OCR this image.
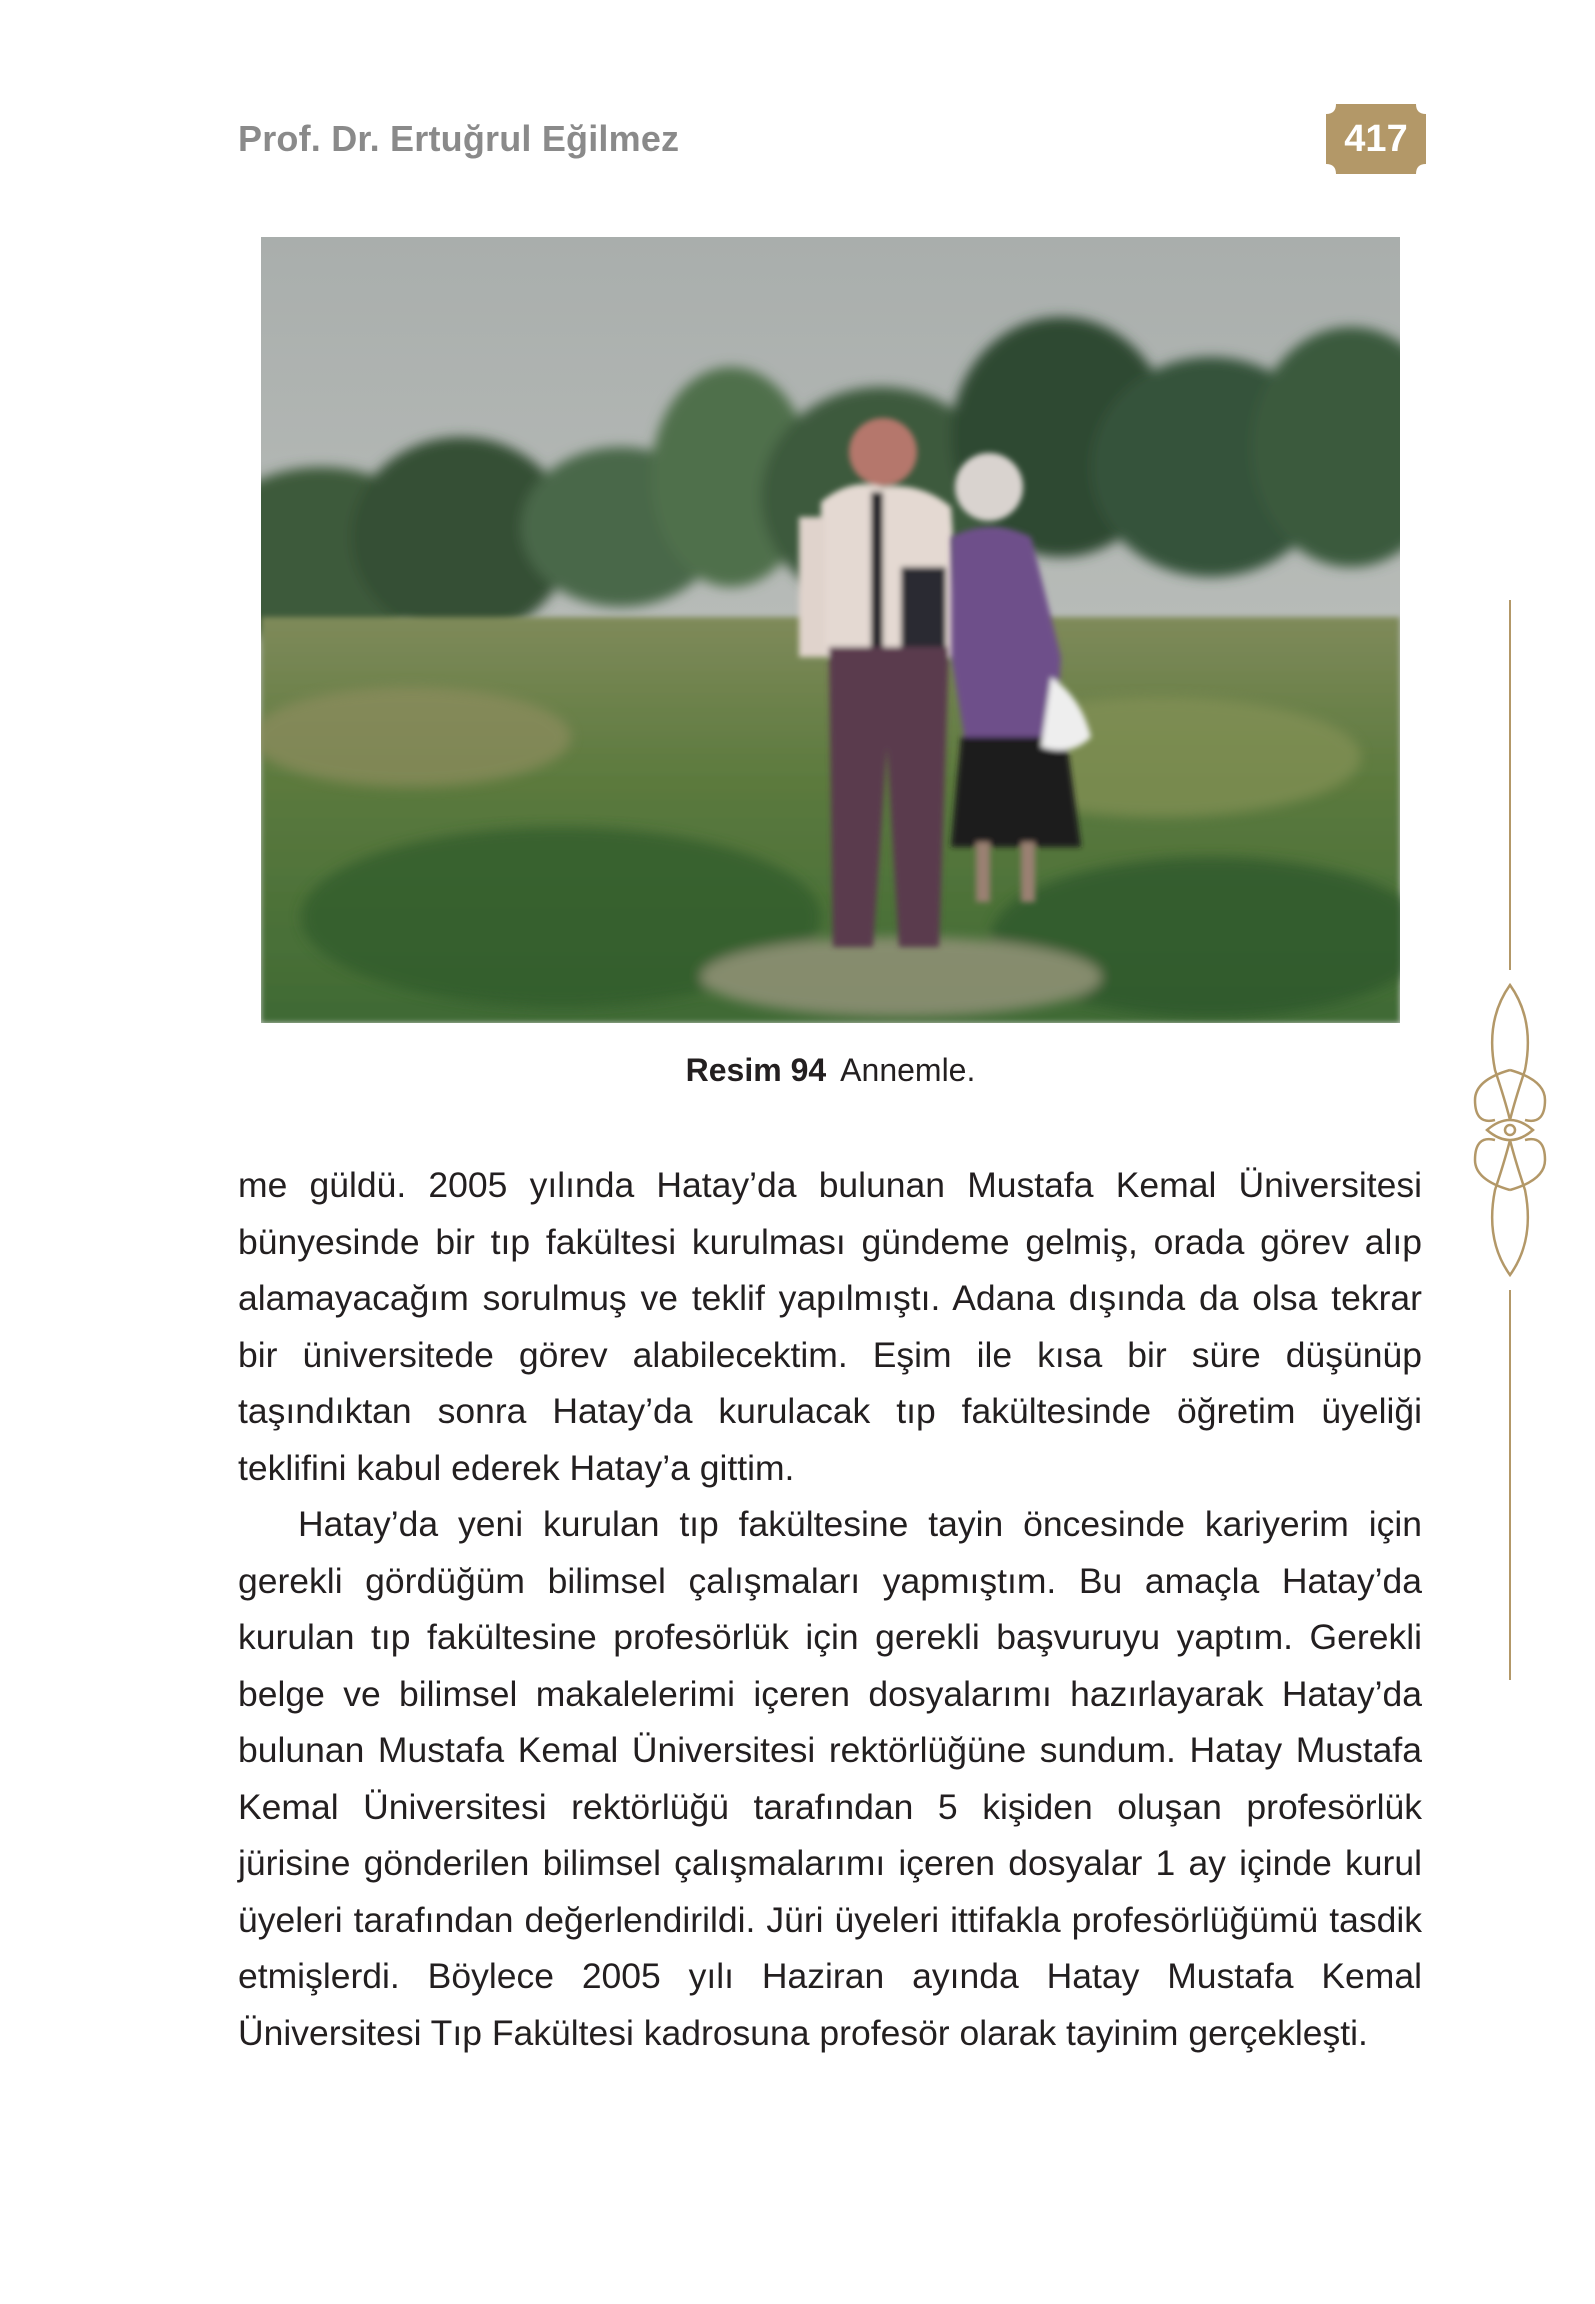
Prof. Dr. Ertuğrul Eğilmez	417
Resim 94 Annemle.

me güldü. 2005 yılında Hatay’da bulunan Mustafa Kemal Üniversitesi bünyesinde bir tıp fakültesi kurulması gündeme gelmiş, orada görev alıp alamayacağım sorulmuş ve teklif yapılmıştı. Adana dışında da olsa tekrar bir üniversitede görev alabilecektim. Eşim ile kısa bir süre düşünüp taşındıktan sonra Hatay’da kurulacak tıp fakültesinde öğretim üyeliği teklifini kabul ederek Hatay’a gittim.

Hatay’da yeni kurulan tıp fakültesine tayin öncesinde kariyerim için gerekli gördüğüm bilimsel çalışmaları yapmıştım. Bu amaçla Hatay’da kurulan tıp fakültesine profesörlük için gerekli başvuruyu yaptım. Gerekli belge ve bilimsel makalelerimi içeren dosyalarımı hazırlayarak Hatay’da bulunan Mustafa Kemal Üniversitesi rektörlüğüne sundum. Hatay Mustafa Kemal Üniversitesi rektörlüğü tarafından 5 kişiden oluşan profesörlük jürisine gönderilen bilimsel çalışmalarımı içeren dosyalar 1 ay içinde kurul üyeleri tarafından değerlendirildi. Jüri üyeleri ittifakla profesörlüğümü tasdik etmişlerdi. Böylece 2005 yılı Haziran ayında Hatay Mustafa Kemal Üniversitesi Tıp Fakültesi kadrosuna profesör olarak tayinim gerçekleşti.
